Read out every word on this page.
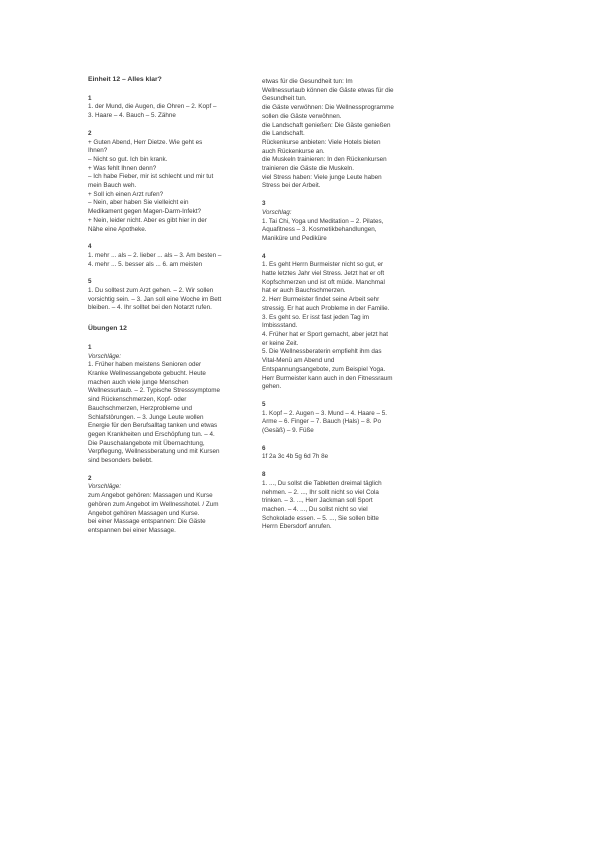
Einheit 12 – Alles klar?

1

1. der Mund, die Augen, die Ohren – 2. Kopf –

3. Haare – 4. Bauch – 5. Zähne

2

+ Guten Abend, Herr Dietze. Wie geht es

Ihnen?

– Nicht so gut. Ich bin krank.

+ Was fehlt Ihnen denn?

– Ich habe Fieber, mir ist schlecht und mir tut

mein Bauch weh.

+ Soll ich einen Arzt rufen?

– Nein, aber haben Sie vielleicht ein

Medikament gegen Magen-Darm-Infekt?

+ Nein, leider nicht. Aber es gibt hier in der

Nähe eine Apotheke.

4

1. mehr ... als – 2. lieber ... als – 3. Am besten –

4. mehr ... 5. besser als ... 6. am meisten

5

1. Du solltest zum Arzt gehen. – 2. Wir sollen

vorsichtig sein. – 3. Jan soll eine Woche im Bett

bleiben. – 4. Ihr solltet bei den Notarzt rufen.

Übungen 12

1

Vorschläge:

1. Früher haben meistens Senioren oder

Kranke Wellnessangebote gebucht. Heute

machen auch viele junge Menschen

Wellnessurlaub. – 2. Typische Stresssymptome

sind Rückenschmerzen, Kopf- oder

Bauchschmerzen, Herzprobleme und

Schlafstörungen. – 3. Junge Leute wollen

Energie für den Berufsalltag tanken und etwas

gegen Krankheiten und Erschöpfung tun. – 4.

Die Pauschalangebote mit Übernachtung,

Verpflegung, Wellnessberatung und mit Kursen

sind besonders beliebt.

2

Vorschläge:

zum Angebot gehören: Massagen und Kurse

gehören zum Angebot im Wellnesshotel. / Zum

Angebot gehören Massagen und Kurse.

bei einer Massage entspannen: Die Gäste

entspannen bei einer Massage.

etwas für die Gesundheit tun: Im

Wellnessurlaub können die Gäste etwas für die

Gesundheit tun.

die Gäste verwöhnen: Die Wellnessprogramme

sollen die Gäste verwöhnen.

die Landschaft genießen: Die Gäste genießen

die Landschaft.

Rückenkurse anbieten: Viele Hotels bieten

auch Rückenkurse an.

die Muskeln trainieren: In den Rückenkursen

trainieren die Gäste die Muskeln.

viel Stress haben: Viele junge Leute haben

Stress bei der Arbeit.

3

Vorschlag:

1. Tai Chi, Yoga und Meditation – 2. Pilates,

Aquafitness – 3. Kosmetikbehandlungen,

Maniküre und Pediküre

4

1. Es geht Herrn Burmeister nicht so gut, er

hatte letztes Jahr viel Stress. Jetzt hat er oft

Kopfschmerzen und ist oft müde. Manchmal

hat er auch Bauchschmerzen.

2. Herr Burmeister findet seine Arbeit sehr

stressig. Er hat auch Probleme in der Familie.

3. Es geht so. Er isst fast jeden Tag im

Imbissstand.

4. Früher hat er Sport gemacht, aber jetzt hat

er keine Zeit.

5. Die Wellnessberaterin empfiehlt ihm das

Vital-Menü am Abend und

Entspannungsangebote, zum Beispiel Yoga.

Herr Burmeister kann auch in den Fitnessraum

gehen.

5

1. Kopf – 2. Augen – 3. Mund – 4. Haare – 5.

Arme – 6. Finger – 7. Bauch (Hals) – 8. Po

(Gesäß) – 9. Füße

6

1f 2a 3c 4b 5g 6d 7h 8e

8

1. ..., Du sollst die Tabletten dreimal täglich

nehmen. – 2. ..., Ihr sollt nicht so viel Cola

trinken. – 3. ..., Herr Jackman soll Sport

machen. – 4. ..., Du sollst nicht so viel

Schokolade essen. – 5. ..., Sie sollen bitte

Herrn Ebersdorf anrufen.
